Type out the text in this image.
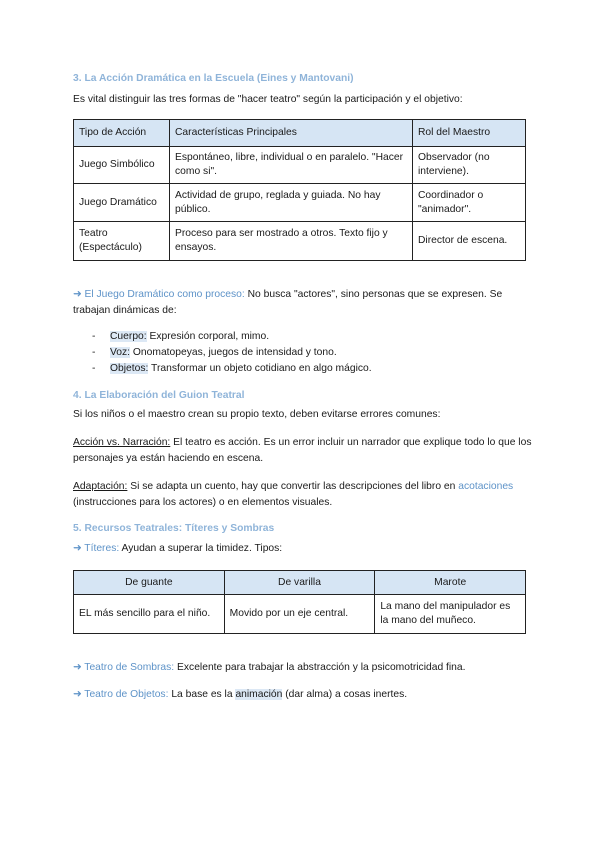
3. La Acción Dramática en la Escuela (Eines y Mantovani)
Es vital distinguir las tres formas de "hacer teatro" según la participación y el objetivo:
Tipo de Acción	Características Principales	Rol del Maestro
Juego Simbólico	Espontáneo, libre, individual o en paralelo. "Hacer como si".	Observador (no interviene).
Juego Dramático	Actividad de grupo, reglada y guiada. No hay público.	Coordinador o "animador".
Teatro (Espectáculo)	Proceso para ser mostrado a otros. Texto fijo y ensayos.	Director de escena.
➜ El Juego Dramático como proceso: No busca "actores", sino personas que se expresen. Se trabajan dinámicas de:
- Cuerpo: Expresión corporal, mimo.
- Voz: Onomatopeyas, juegos de intensidad y tono.
- Objetos: Transformar un objeto cotidiano en algo mágico.
4. La Elaboración del Guion Teatral
Si los niños o el maestro crean su propio texto, deben evitarse errores comunes:
Acción vs. Narración: El teatro es acción. Es un error incluir un narrador que explique todo lo que los personajes ya están haciendo en escena.
Adaptación: Si se adapta un cuento, hay que convertir las descripciones del libro en acotaciones (instrucciones para los actores) o en elementos visuales.
5. Recursos Teatrales: Títeres y Sombras
➜ Títeres: Ayudan a superar la timidez. Tipos:
De guante	De varilla	Marote
EL más sencillo para el niño.	Movido por un eje central.	La mano del manipulador es la mano del muñeco.
➜ Teatro de Sombras: Excelente para trabajar la abstracción y la psicomotricidad fina.
➜ Teatro de Objetos: La base es la animación (dar alma) a cosas inertes.
